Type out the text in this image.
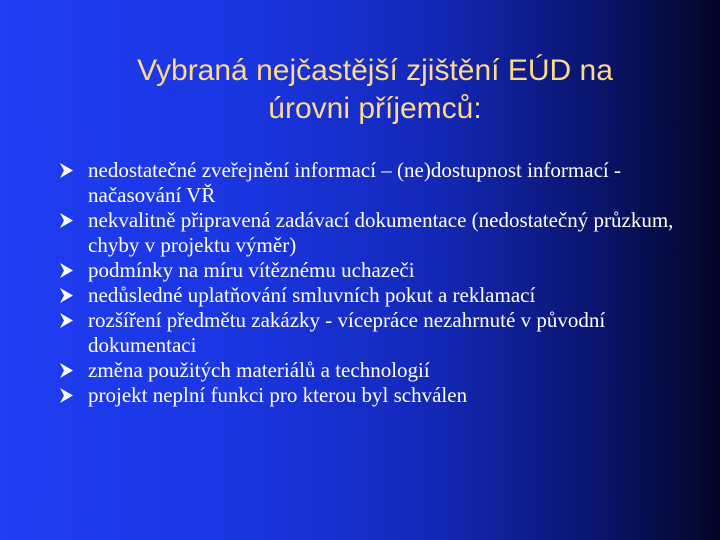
Vybraná nejčastější zjištění EÚD na
úrovni příjemců:
nedostatečné zveřejnění informací – (ne)dostupnost informací - načasování VŘ
nekvalitně připravená zadávací dokumentace (nedostatečný průzkum, chyby v projektu výměr)
podmínky na míru vítěznému uchazeči
nedůsledné uplatňování smluvních pokut a reklamací
rozšíření předmětu zakázky - vícepráce nezahrnuté v původní dokumentaci
změna použitých materiálů a technologií
projekt neplní funkci pro kterou byl schválen
